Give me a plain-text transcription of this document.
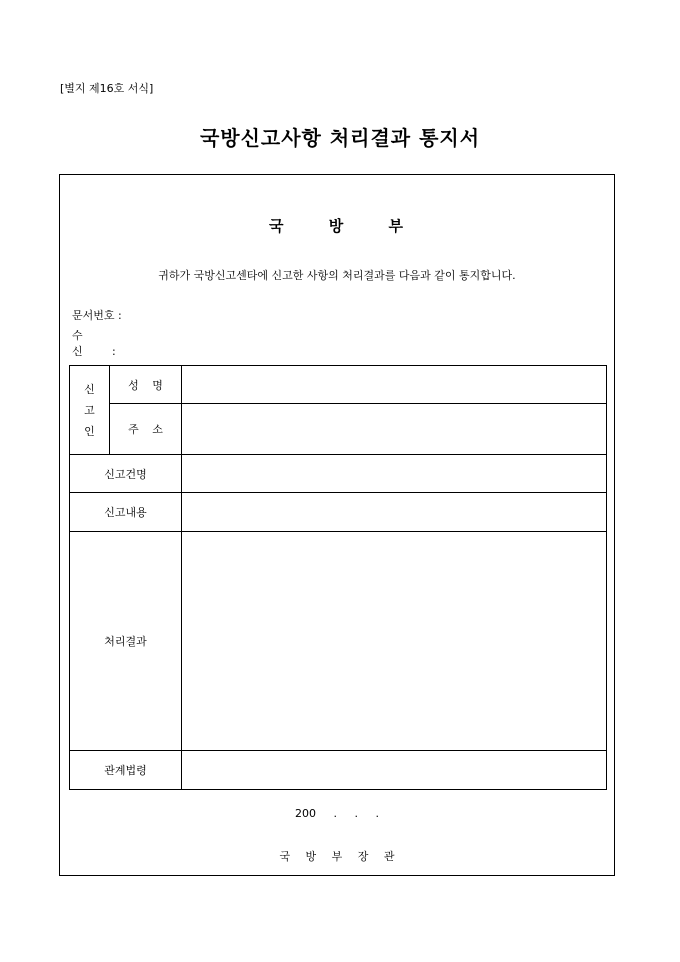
[별지 제16호 서식]
국방신고사항 처리결과 통지서
국 방 부
귀하가 국방신고센타에 신고한 사항의 처리결과를 다음과 같이 통지합니다.
문서번호 :
수 신	:
신
고
인	성 명	
	주 소	
신고건명		
신고내용		
처리결과		
관계법령		
200 . . .
국 방 부 장 관
